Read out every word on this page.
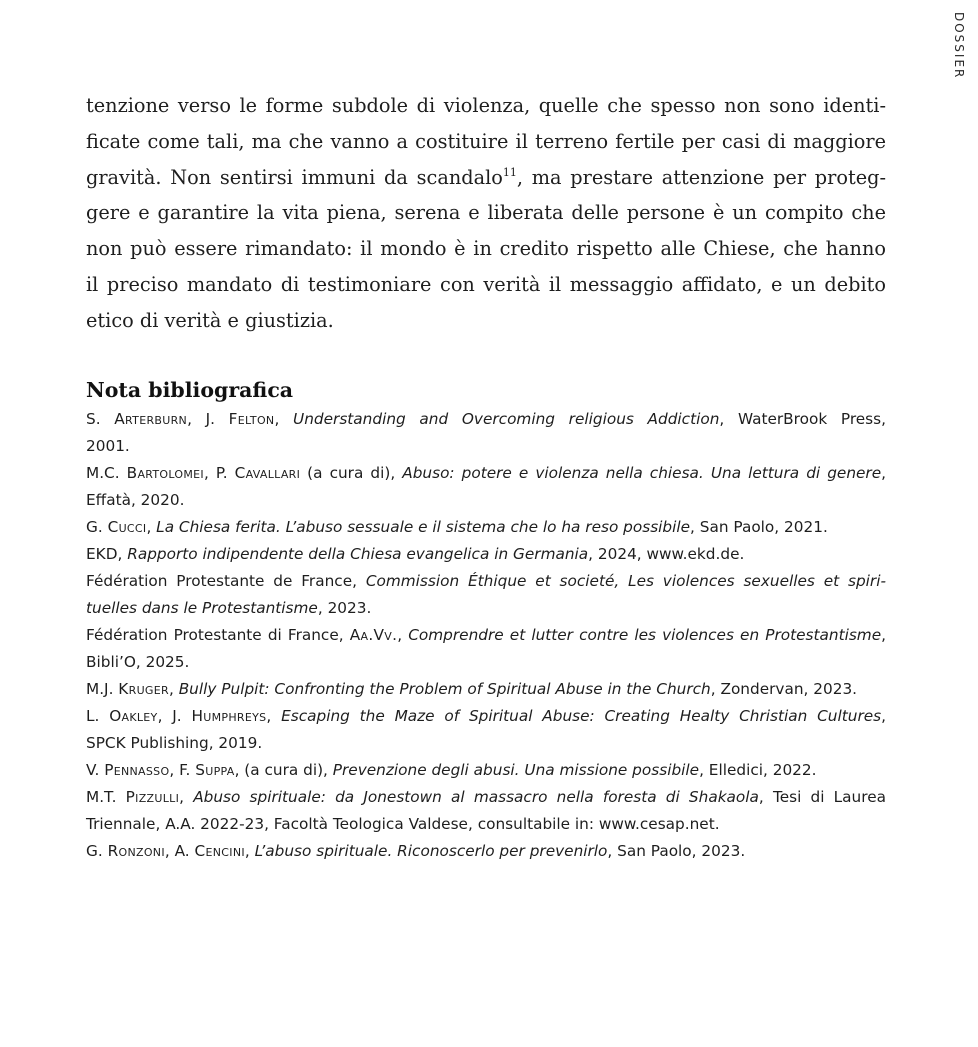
DOSSIER
tenzione verso le forme subdole di violenza, quelle che spesso non sono identi-
ficate come tali, ma che vanno a costituire il terreno fertile per casi di maggiore
gravità. Non sentirsi immuni da scandalo$^{11}$, ma prestare attenzione per proteg-
gere e garantire la vita piena, serena e liberata delle persone è un compito che
non può essere rimandato: il mondo è in credito rispetto alle Chiese, che hanno
il preciso mandato di testimoniare con verità il messaggio affidato, e un debito
etico di verità e giustizia.
Nota bibliografica
S. Arterburn, J. Felton, Understanding and Overcoming religious Addiction, WaterBrook Press,
2001.
M.C. Bartolomei, P. Cavallari (a cura di), Abuso: potere e violenza nella chiesa. Una lettura di genere,
Effatà, 2020.
G. Cucci, La Chiesa ferita. L’abuso sessuale e il sistema che lo ha reso possibile, San Paolo, 2021.
EKD, Rapporto indipendente della Chiesa evangelica in Germania, 2024, www.ekd.de.
Fédération Protestante de France, Commission Éthique et societé, Les violences sexuelles et spiri-
tuelles dans le Protestantisme, 2023.
Fédération Protestante di France, Aa.Vv., Comprendre et lutter contre les violences en Protestantisme,
Bibli’O, 2025.
M.J. Kruger, Bully Pulpit: Confronting the Problem of Spiritual Abuse in the Church, Zondervan, 2023.
L. Oakley, J. Humphreys, Escaping the Maze of Spiritual Abuse: Creating Healty Christian Cultures,
SPCK Publishing, 2019.
V. Pennasso, F. Suppa, (a cura di), Prevenzione degli abusi. Una missione possibile, Elledici, 2022.
M.T. Pizzulli, Abuso spirituale: da Jonestown al massacro nella foresta di Shakaola, Tesi di Laurea
Triennale, A.A. 2022-23, Facoltà Teologica Valdese, consultabile in: www.cesap.net.
G. Ronzoni, A. Cencini, L’abuso spirituale. Riconoscerlo per prevenirlo, San Paolo, 2023.
